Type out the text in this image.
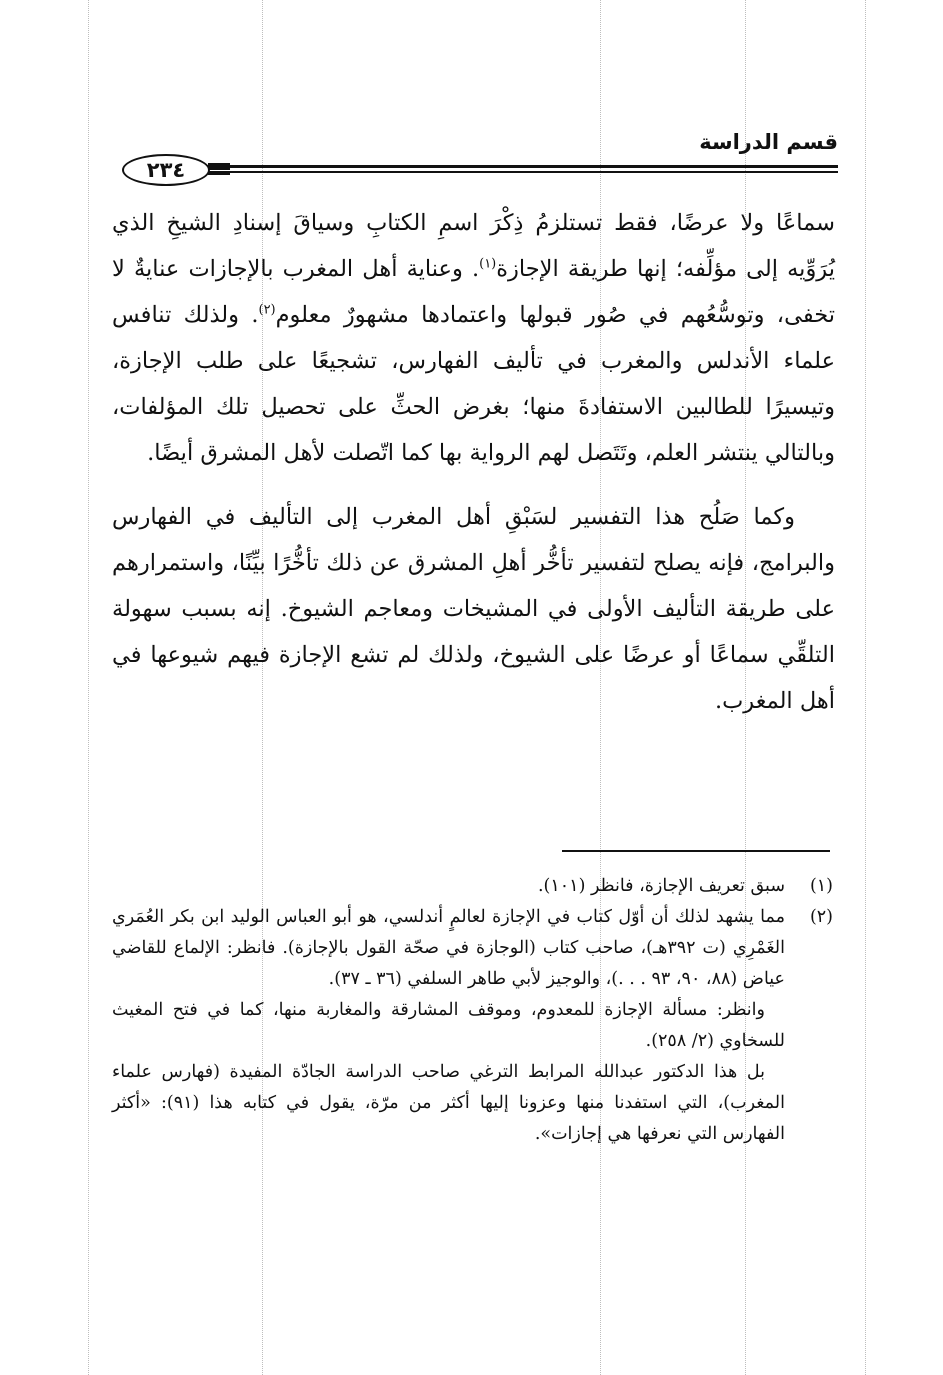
قسم الدراسة
٢٣٤

سماعًا ولا عرضًا، فقط تستلزمُ ذِكْرَ اسمِ الكتابِ وسياقَ إسنادِ الشيخِ الذي يُرَوِّيه إلى مؤلِّفه؛ إنها طريقة الإجازة$^{(١)}$. وعناية أهل المغرب بالإجازات عنايةٌ لا تخفى، وتوسُّعُهم في صُور قبولها واعتمادها مشهورٌ معلوم$^{(٢)}$. ولذلك تنافس علماء الأندلس والمغرب في تأليف الفهارس، تشجيعًا على طلب الإجازة، وتيسيرًا للطالبين الاستفادةَ منها؛ بغرض الحثِّ على تحصيل تلك المؤلفات، وبالتالي ينتشر العلم، وتَتَصل لهم الرواية بها كما اتّصلت لأهل المشرق أيضًا.

وكما صَلُح هذا التفسير لسَبْقِ أهل المغرب إلى التأليف في الفهارس والبرامج، فإنه يصلح لتفسير تأخُّر أهلِ المشرق عن ذلك تأخُّرًا بيِّنًا، واستمرارهم على طريقة التأليف الأولى في المشيخات ومعاجم الشيوخ. إنه بسبب سهولة التلقِّي سماعًا أو عرضًا على الشيوخ، ولذلك لم تشع الإجازة فيهم شيوعها في أهل المغرب.

(١)
سبق تعريف الإجازة، فانظر (١٠١).
(٢)
مما يشهد لذلك أن أوّل كتاب في الإجازة لعالمٍ أندلسي، هو أبو العباس الوليد ابن بكر العُمَري الغَمْرِي (ت ٣٩٢هـ)، صاحب كتاب (الوجازة في صحّة القول بالإجازة). فانظر: الإلماع للقاضي عياض (٨٨، ٩٠، ٩٣ . . .)، والوجيز لأبي طاهر السلفي (٣٦ ـ ٣٧).
وانظر: مسألة الإجازة للمعدوم، وموقف المشارقة والمغاربة منها، كما في فتح المغيث للسخاوي (٢/ ٢٥٨).
بل هذا الدكتور عبدالله المرابط الترغي صاحب الدراسة الجادّة المفيدة (فهارس علماء المغرب)، التي استفدنا منها وعزونا إليها أكثر من مرّة، يقول في كتابه هذا (٩١): «أكثر الفهارس التي نعرفها هي إجازات».
